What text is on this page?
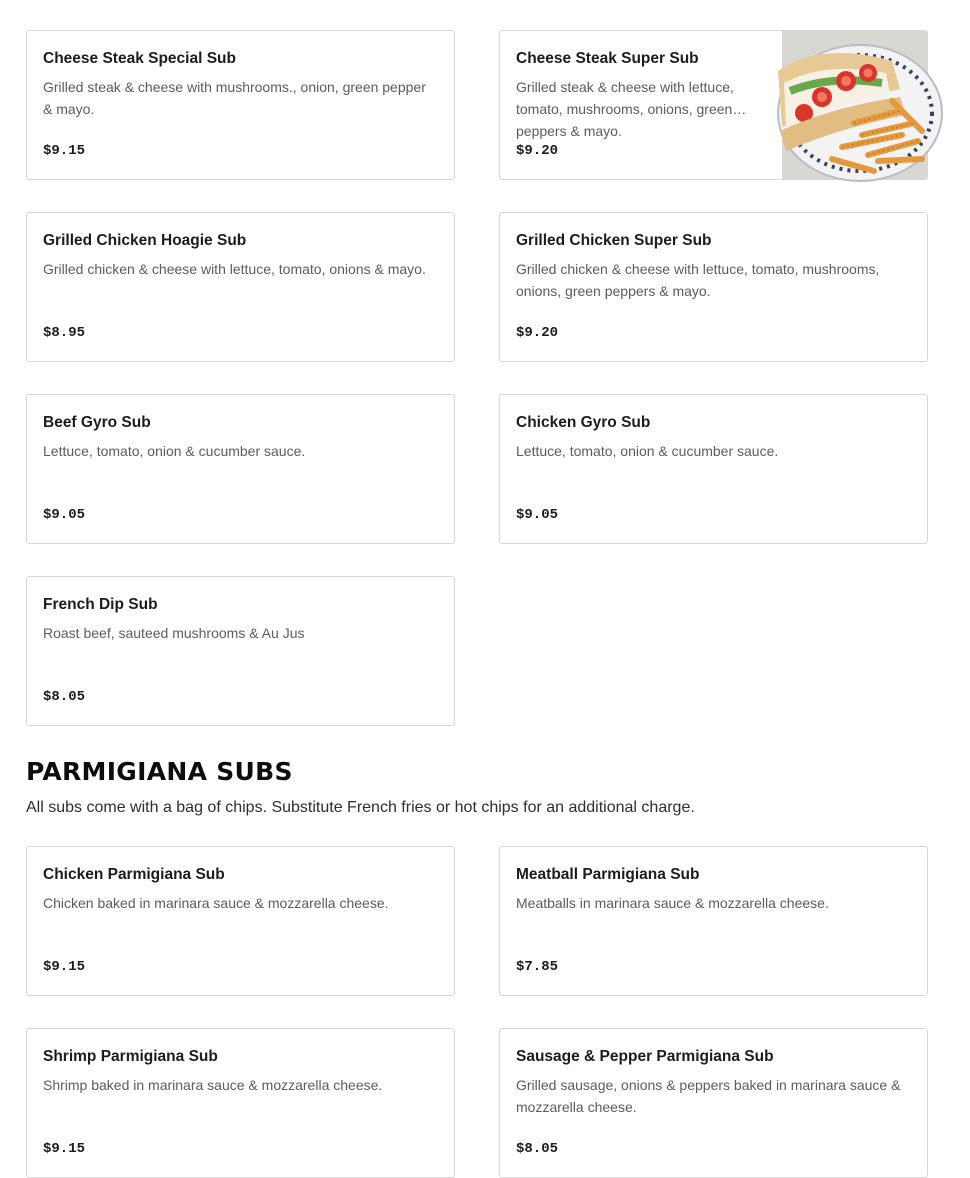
Cheese Steak Special Sub
Grilled steak & cheese with mushrooms., onion, green pepper & mayo.
$9.15
Cheese Steak Super Sub
Grilled steak & cheese with lettuce, tomato, mushrooms, onions, green peppers & mayo.
$9.20
Grilled Chicken Hoagie Sub
Grilled chicken & cheese with lettuce, tomato, onions & mayo.
$8.95
Grilled Chicken Super Sub
Grilled chicken & cheese with lettuce, tomato, mushrooms, onions, green peppers & mayo.
$9.20
Beef Gyro Sub
Lettuce, tomato, onion & cucumber sauce.
$9.05
Chicken Gyro Sub
Lettuce, tomato, onion & cucumber sauce.
$9.05
French Dip Sub
Roast beef, sauteed mushrooms & Au Jus
$8.05
PARMIGIANA SUBS

All subs come with a bag of chips. Substitute French fries or hot chips for an additional charge.

Chicken Parmigiana Sub
Chicken baked in marinara sauce & mozzarella cheese.
$9.15
Meatball Parmigiana Sub
Meatballs in marinara sauce & mozzarella cheese.
$7.85
Shrimp Parmigiana Sub
Shrimp baked in marinara sauce & mozzarella cheese.
$9.15
Sausage & Pepper Parmigiana Sub
Grilled sausage, onions & peppers baked in marinara sauce & mozzarella cheese.
$8.05
